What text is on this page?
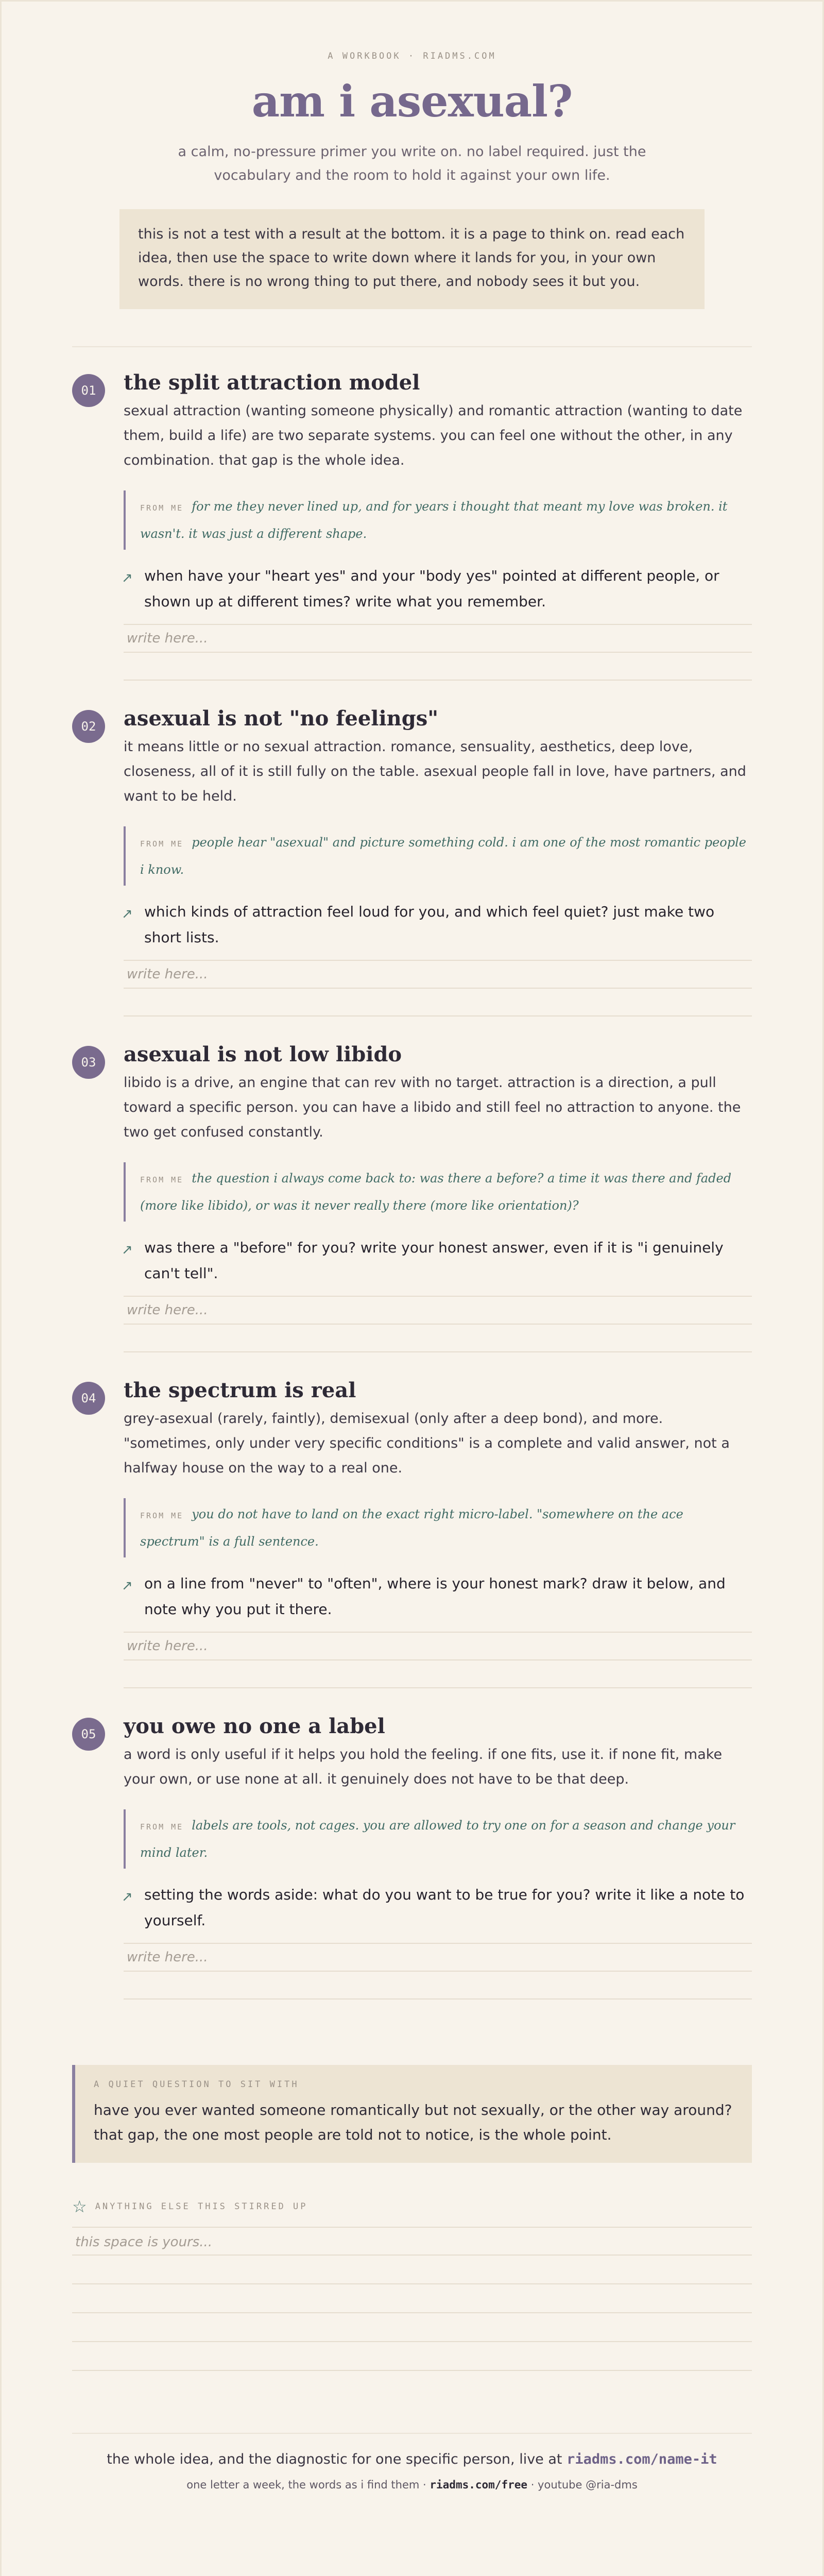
A WORKBOOK · RIADMS.COM
am i asexual?

a calm, no-pressure primer you write on. no label required. just the vocabulary and the room to hold it against your own life.

this is not a test with a result at the bottom. it is a page to think on. read each idea, then use the space to write down where it lands for you, in your own words. there is no wrong thing to put there, and nobody sees it but you.
01	the split attraction model

sexual attraction (wanting someone physically) and romantic attraction (wanting to date them, build a life) are two separate systems. you can feel one without the other, in any combination. that gap is the whole idea.

FROM ME for me they never lined up, and for years i thought that meant my love was broken. it wasn't. it was just a different shape.
↗ when have your "heart yes" and your "body yes" pointed at different people, or shown up at different times? write what you remember.
write here...
02	asexual is not "no feelings"

it means little or no sexual attraction. romance, sensuality, aesthetics, deep love, closeness, all of it is still fully on the table. asexual people fall in love, have partners, and want to be held.

FROM ME people hear "asexual" and picture something cold. i am one of the most romantic people i know.
↗ which kinds of attraction feel loud for you, and which feel quiet? just make two short lists.
write here...
03	asexual is not low libido

libido is a drive, an engine that can rev with no target. attraction is a direction, a pull toward a specific person. you can have a libido and still feel no attraction to anyone. the two get confused constantly.

FROM ME the question i always come back to: was there a before? a time it was there and faded (more like libido), or was it never really there (more like orientation)?
↗ was there a "before" for you? write your honest answer, even if it is "i genuinely can't tell".
write here...
04	the spectrum is real

grey-asexual (rarely, faintly), demisexual (only after a deep bond), and more. "sometimes, only under very specific conditions" is a complete and valid answer, not a halfway house on the way to a real one.

FROM ME you do not have to land on the exact right micro-label. "somewhere on the ace spectrum" is a full sentence.
↗ on a line from "never" to "often", where is your honest mark? draw it below, and note why you put it there.
write here...
05	you owe no one a label

a word is only useful if it helps you hold the feeling. if one fits, use it. if none fit, make your own, or use none at all. it genuinely does not have to be that deep.

FROM ME labels are tools, not cages. you are allowed to try one on for a season and change your mind later.
↗ setting the words aside: what do you want to be true for you? write it like a note to yourself.
write here...
A QUIET QUESTION TO SIT WITH
have you ever wanted someone romantically but not sexually, or the other way around? that gap, the one most people are told not to notice, is the whole point.
☆ ANYTHING ELSE THIS STIRRED UP
this space is yours...
the whole idea, and the diagnostic for one specific person, live at riadms.com/name-it
one letter a week, the words as i find them · riadms.com/free · youtube @ria-dms
